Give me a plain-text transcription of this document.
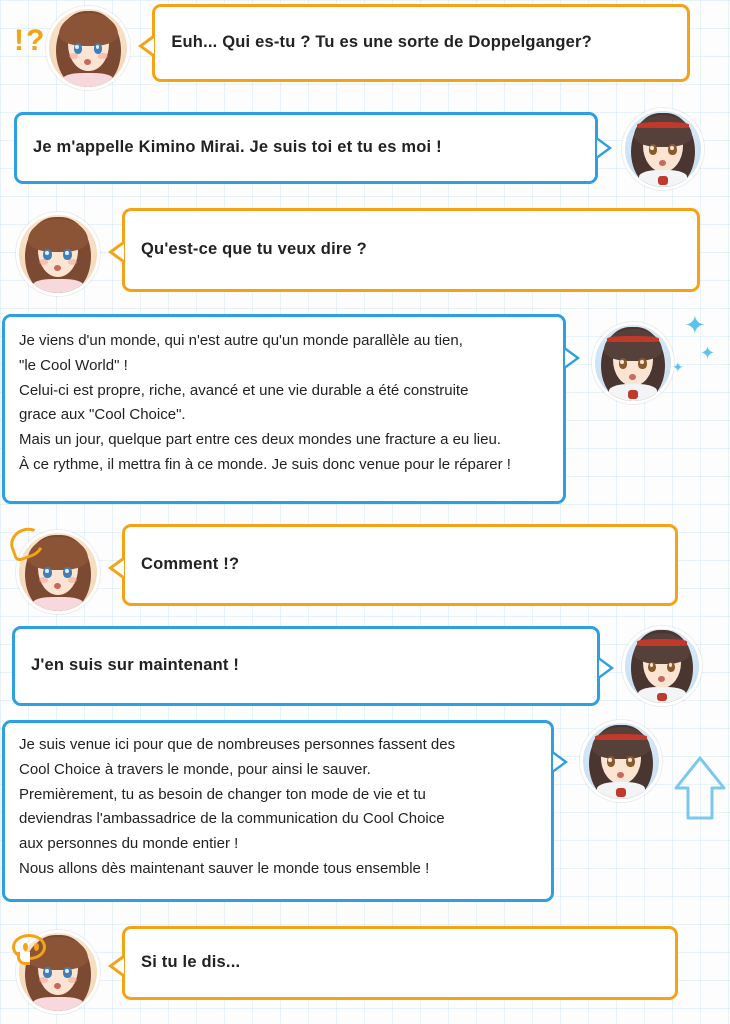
!?	Euh... Qui es-tu ? Tu es une sorte de Doppelganger?

Je m'appelle Kimino Mirai. Je suis toi et tu es moi !

Qu'est-ce que tu veux dire ?

Je viens d'un monde, qui n'est autre qu'un monde parallèle au tien,

"le Cool World" !

Celui-ci est propre, riche, avancé et une vie durable a été construite

grace aux "Cool Choice".

Mais un jour, quelque part entre ces deux mondes une fracture a eu lieu.

À ce rythme, il mettra fin à ce monde. Je suis donc venue pour le réparer !

✦
✦
✦

Comment !?

J'en suis sur maintenant !

Je suis venue ici pour que de nombreuses personnes fassent des

Cool Choice à travers le monde, pour ainsi le sauver.

Premièrement, tu as besoin de changer ton mode de vie et tu

deviendras l'ambassadrice de la communication du Cool Choice

aux personnes du monde entier !

Nous allons dès maintenant sauver le monde tous ensemble !

Si tu le dis...
